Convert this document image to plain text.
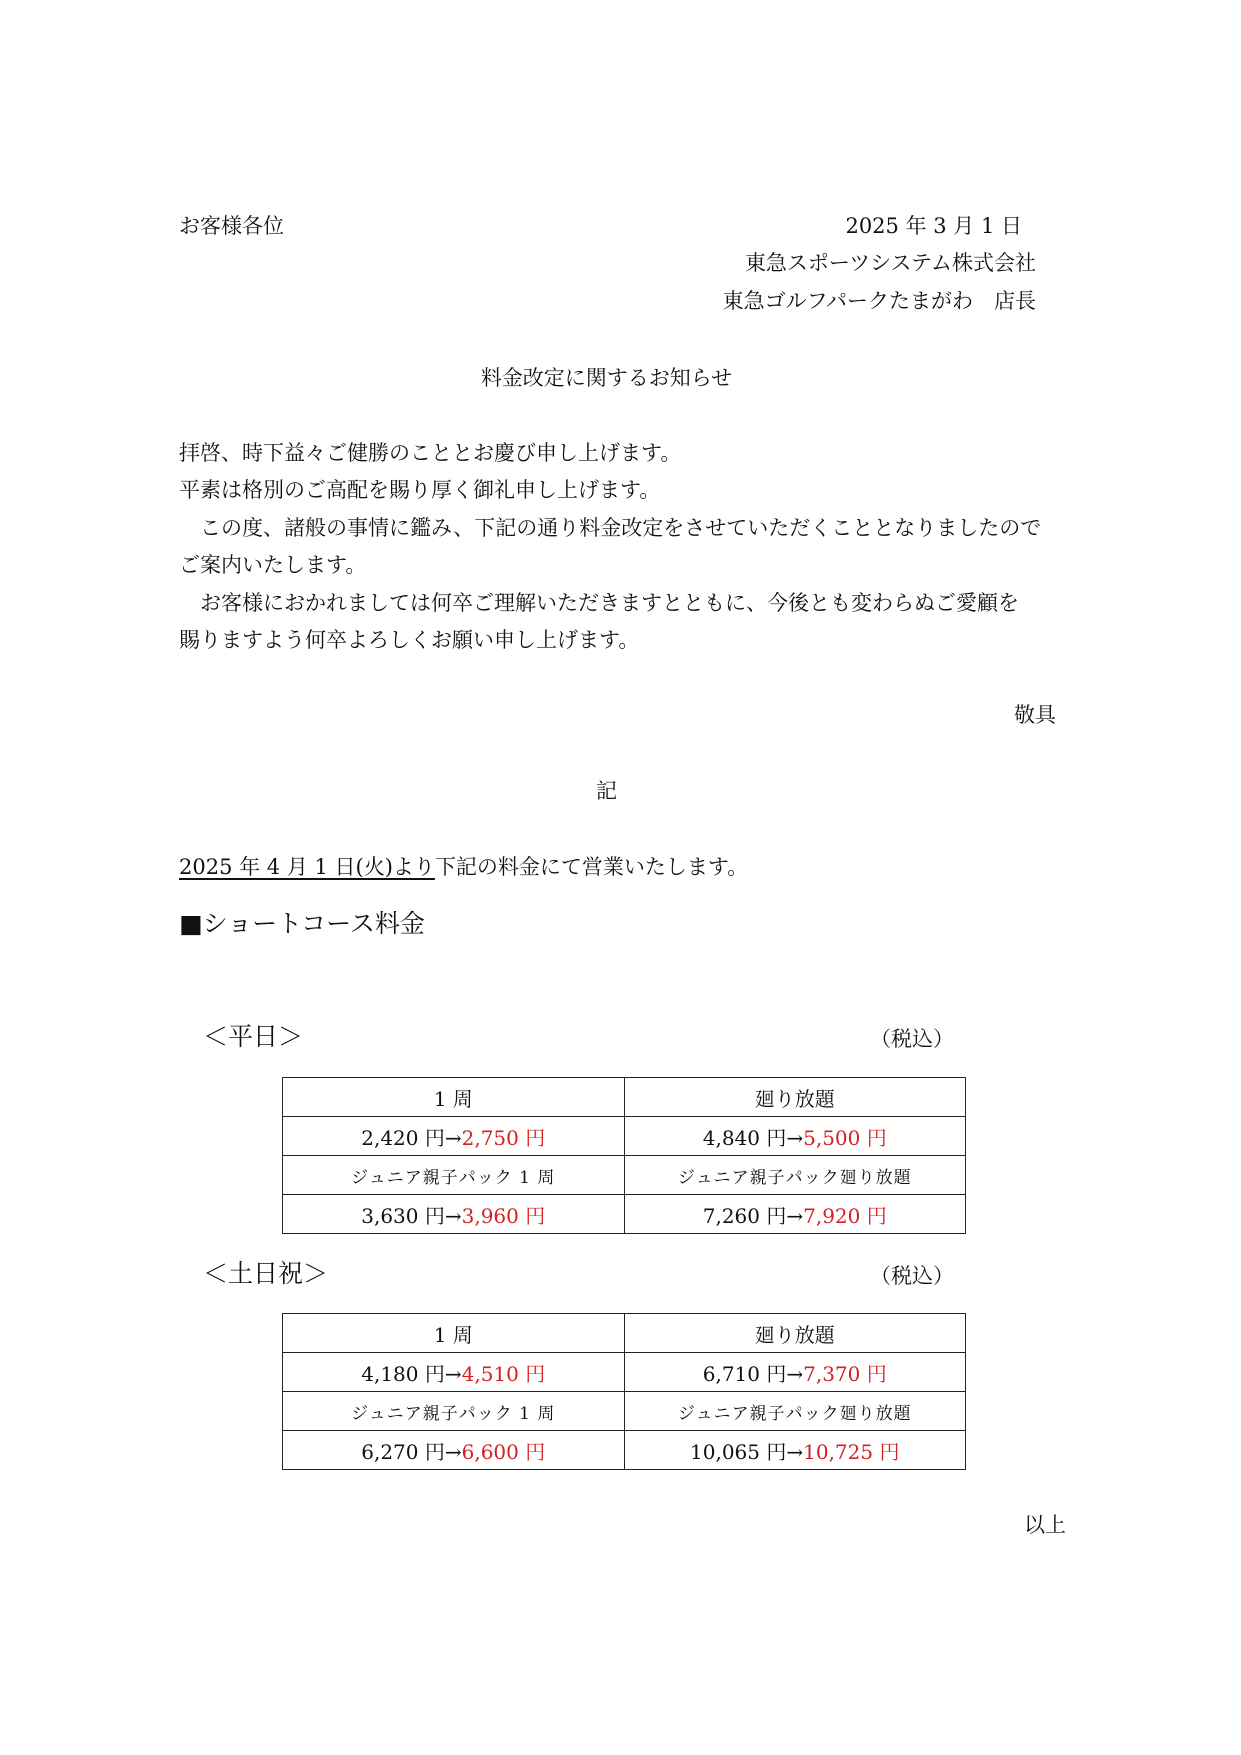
お客様各位	2025 年 3 月 1 日
東急スポーツシステム株式会社
東急ゴルフパークたまがわ　店長
料金改定に関するお知らせ
拝啓、時下益々ご健勝のこととお慶び申し上げます。
平素は格別のご高配を賜り厚く御礼申し上げます。
　この度、諸般の事情に鑑み、下記の通り料金改定をさせていただくこととなりましたので
ご案内いたします。
　お客様におかれましては何卒ご理解いただきますとともに、今後とも変わらぬご愛顧を
賜りますよう何卒よろしくお願い申し上げます。
敬具
記
2025 年 4 月 1 日(火)より下記の料金にて営業いたします。
■ショートコース料金
＜平日＞	（税込）
1 周	廻り放題
2,420 円→2,750 円	4,840 円→5,500 円
ジュニア親子パック 1 周	ジュニア親子パック廻り放題
3,630 円→3,960 円	7,260 円→7,920 円
＜土日祝＞	（税込）
1 周	廻り放題
4,180 円→4,510 円	6,710 円→7,370 円
ジュニア親子パック 1 周	ジュニア親子パック廻り放題
6,270 円→6,600 円	10,065 円→10,725 円
以上
